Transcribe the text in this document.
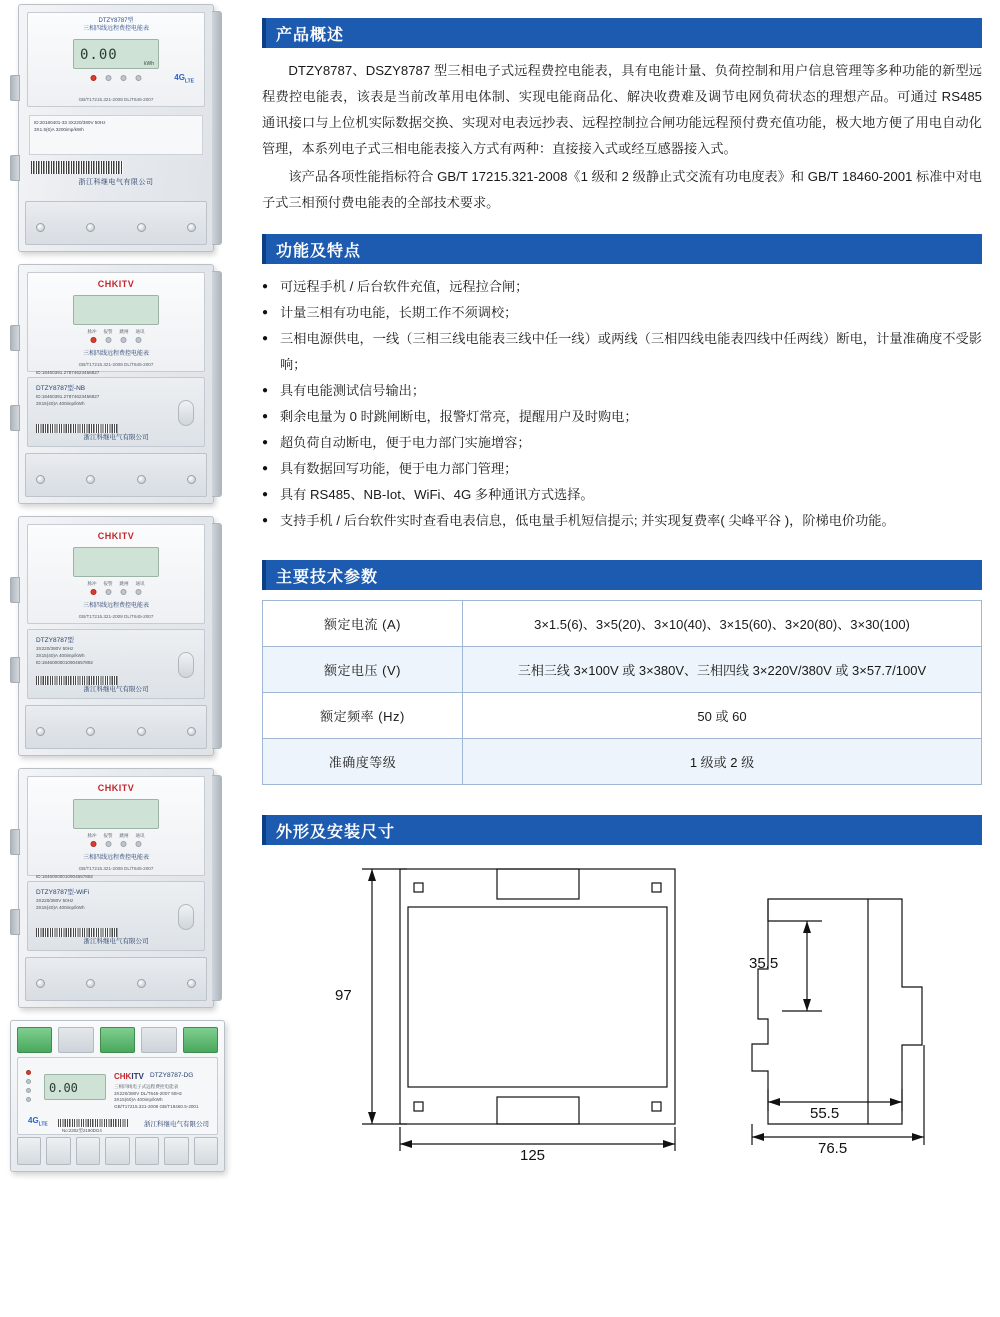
DTZY8787型
三相四线远程费控电能表
0.00
kWh
$4G_{LTE}$
GB/T17215.321-2008 DL/T645-2007
ID:20180401-33 3X220/380V 50Hz
3X1.5(6)A 3200imp/kWh
浙江科继电气有限公司
CHKITV
脉冲 报警 跳闸 通讯
三相四线远程费控电能表
GB/T17215.321-2008 DL/T645-2007
ID:18460391.27874623456827
DTZY8787型-NB
ID:18460391.27874623456827
3X15(40)A 400imp/kWh
浙江科继电气有限公司
CHKITV
脉冲 报警 跳闸 通讯
三相四线远程费控电能表
GB/T17215.321-2008 DL/T645-2007
DTZY8787型
3X220/380V 50Hz
3X15(40)A 400imp/kWh
ID:18460000010904657892
浙江科继电气有限公司
CHKITV
脉冲 报警 跳闸 通讯
三相四线远程费控电能表
GB/T17215.321-2008 DL/T645-2007
ID:18460000010904657892
DTZY8787型-WiFi
3X220/380V 50Hz
3X15(40)A 400imp/kWh
浙江科继电气有限公司
0.00
CHKITV DTZY8787-DG
三相四线电子式远程费控电能表
3X220/380V DL/T645-2007 50Hz
3X15(60)A 400imp/kWh
GB/T17215.321-2008 GB/T18460.5-2001
$4G_{LTE}$
No:2302型2190DG4
浙江科继电气有限公司
产品概述

DTZY8787、DSZY8787 型三相电子式远程费控电能表，具有电能计量、负荷控制和用户信息管理等多种功能的新型远程费控电能表，该表是当前改革用电体制、实现电能商品化、解决收费难及调节电网负荷状态的理想产品。可通过 RS485 通讯接口与上位机实际数据交换、实现对电表远抄表、远程控制拉合闸功能远程预付费充值功能，极大地方便了用电自动化管理，本系列电子式三相电能表接入方式有两种：直接接入式或经互感器接入式。

该产品各项性能指标符合 GB/T 17215.321-2008《1 级和 2 级静止式交流有功电度表》和 GB/T 18460-2001 标准中对电子式三相预付费电能表的全部技术要求。

功能及特点
● 可远程手机 / 后台软件充值，远程拉合闸；
● 计量三相有功电能，长期工作不须调校；
● 三相电源供电，一线（三相三线电能表三线中任一线）或两线（三相四线电能表四线中任两线）断电，计量准确度不受影响；
● 具有电能测试信号输出；
● 剩余电量为 0 时跳闸断电，报警灯常亮，提醒用户及时购电；
● 超负荷自动断电，便于电力部门实施增容；
● 具有数据回写功能，便于电力部门管理；
● 具有 RS485、NB-Iot、WiFi、4G 多种通讯方式选择。
● 支持手机 / 后台软件实时查看电表信息，低电量手机短信提示; 并实现复费率( 尖峰平谷 )，阶梯电价功能。
主要技术参数
额定电流 (A)	3×1.5(6)、3×5(20)、3×10(40)、3×15(60)、3×20(80)、3×30(100)
额定电压 (V)	三相三线 3×100V 或 3×380V、三相四线 3×220V/380V 或 3×57.7/100V
额定频率 (Hz)	50 或 60
准确度等级	1 级或 2 级
外形及安装尺寸
97
125
35.5
55.5
76.5
